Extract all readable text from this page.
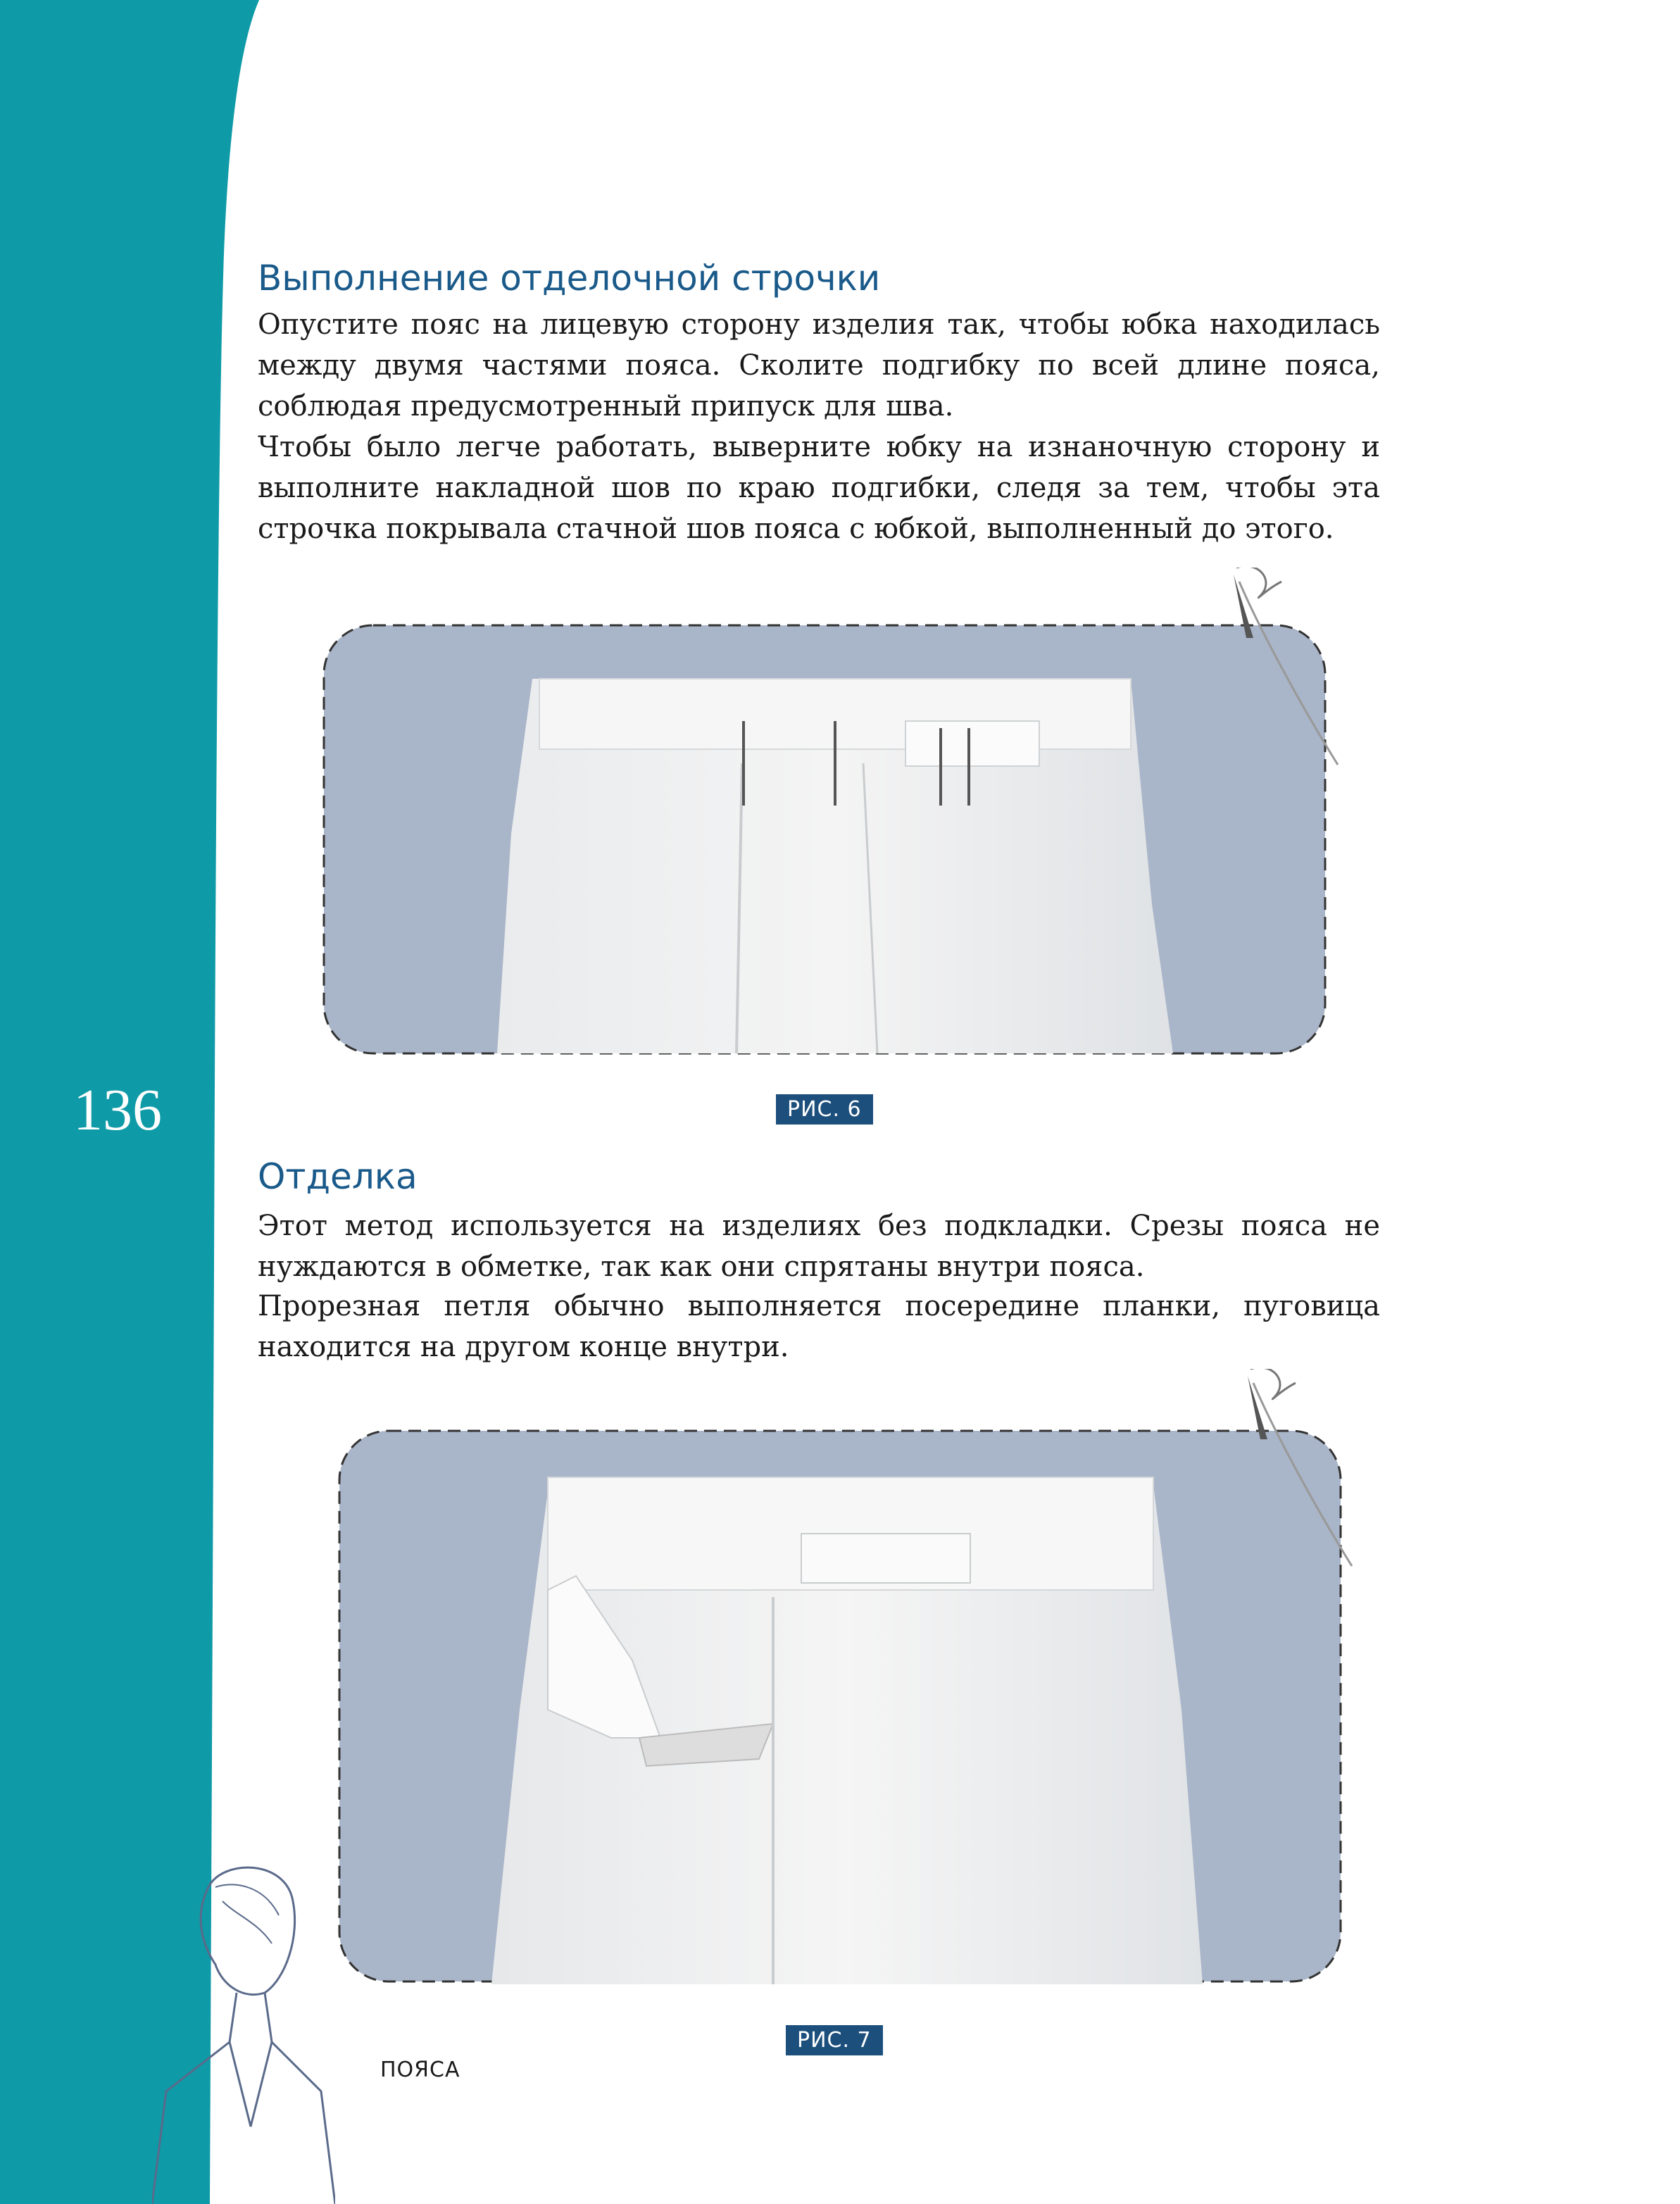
136
Выполнение отделочной строчки

Опустите пояс на лицевую сторону изделия так, чтобы юбка находилась между двумя частями пояса. Сколите подгибку по всей длине пояса, соблюдая предусмотренный припуск для шва.

Чтобы было легче работать, выверните юбку на изнаночную сторону и выполните накладной шов по краю подгибки, следя за тем, чтобы эта строчка покрывала стачной шов пояса с юбкой, выполненный до этого.

РИС. 6
Отделка

Этот метод используется на изделиях без подкладки. Срезы пояса не нуждаются в обметке, так как они спрятаны внутри пояса.

Прорезная петля обычно выполняется посередине планки, пуговица находится на другом конце внутри.

РИС. 7
ПОЯСА
